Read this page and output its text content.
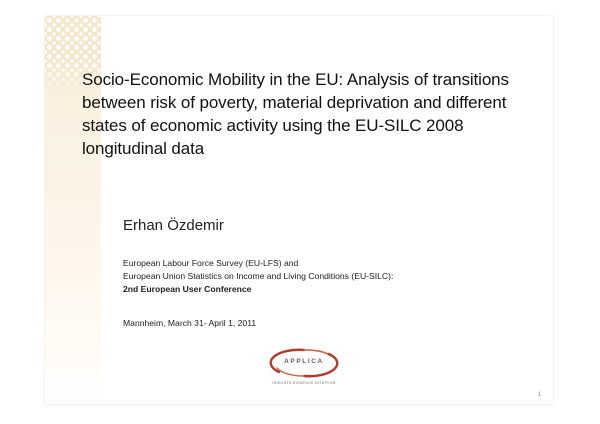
Socio-Economic Mobility in the EU: Analysis of transitions between risk of poverty, material deprivation and different states of economic activity using the EU-SILC 2008 longitudinal data
Erhan Özdemir
European Labour Force Survey (EU-LFS) and
European Union Statistics on Income and Living Conditions (EU-SILC):
2nd European User Conference
Mannheim, March 31- April 1, 2011
APPLICA
INSIGHTS EVIDENCE INTUITION
1
